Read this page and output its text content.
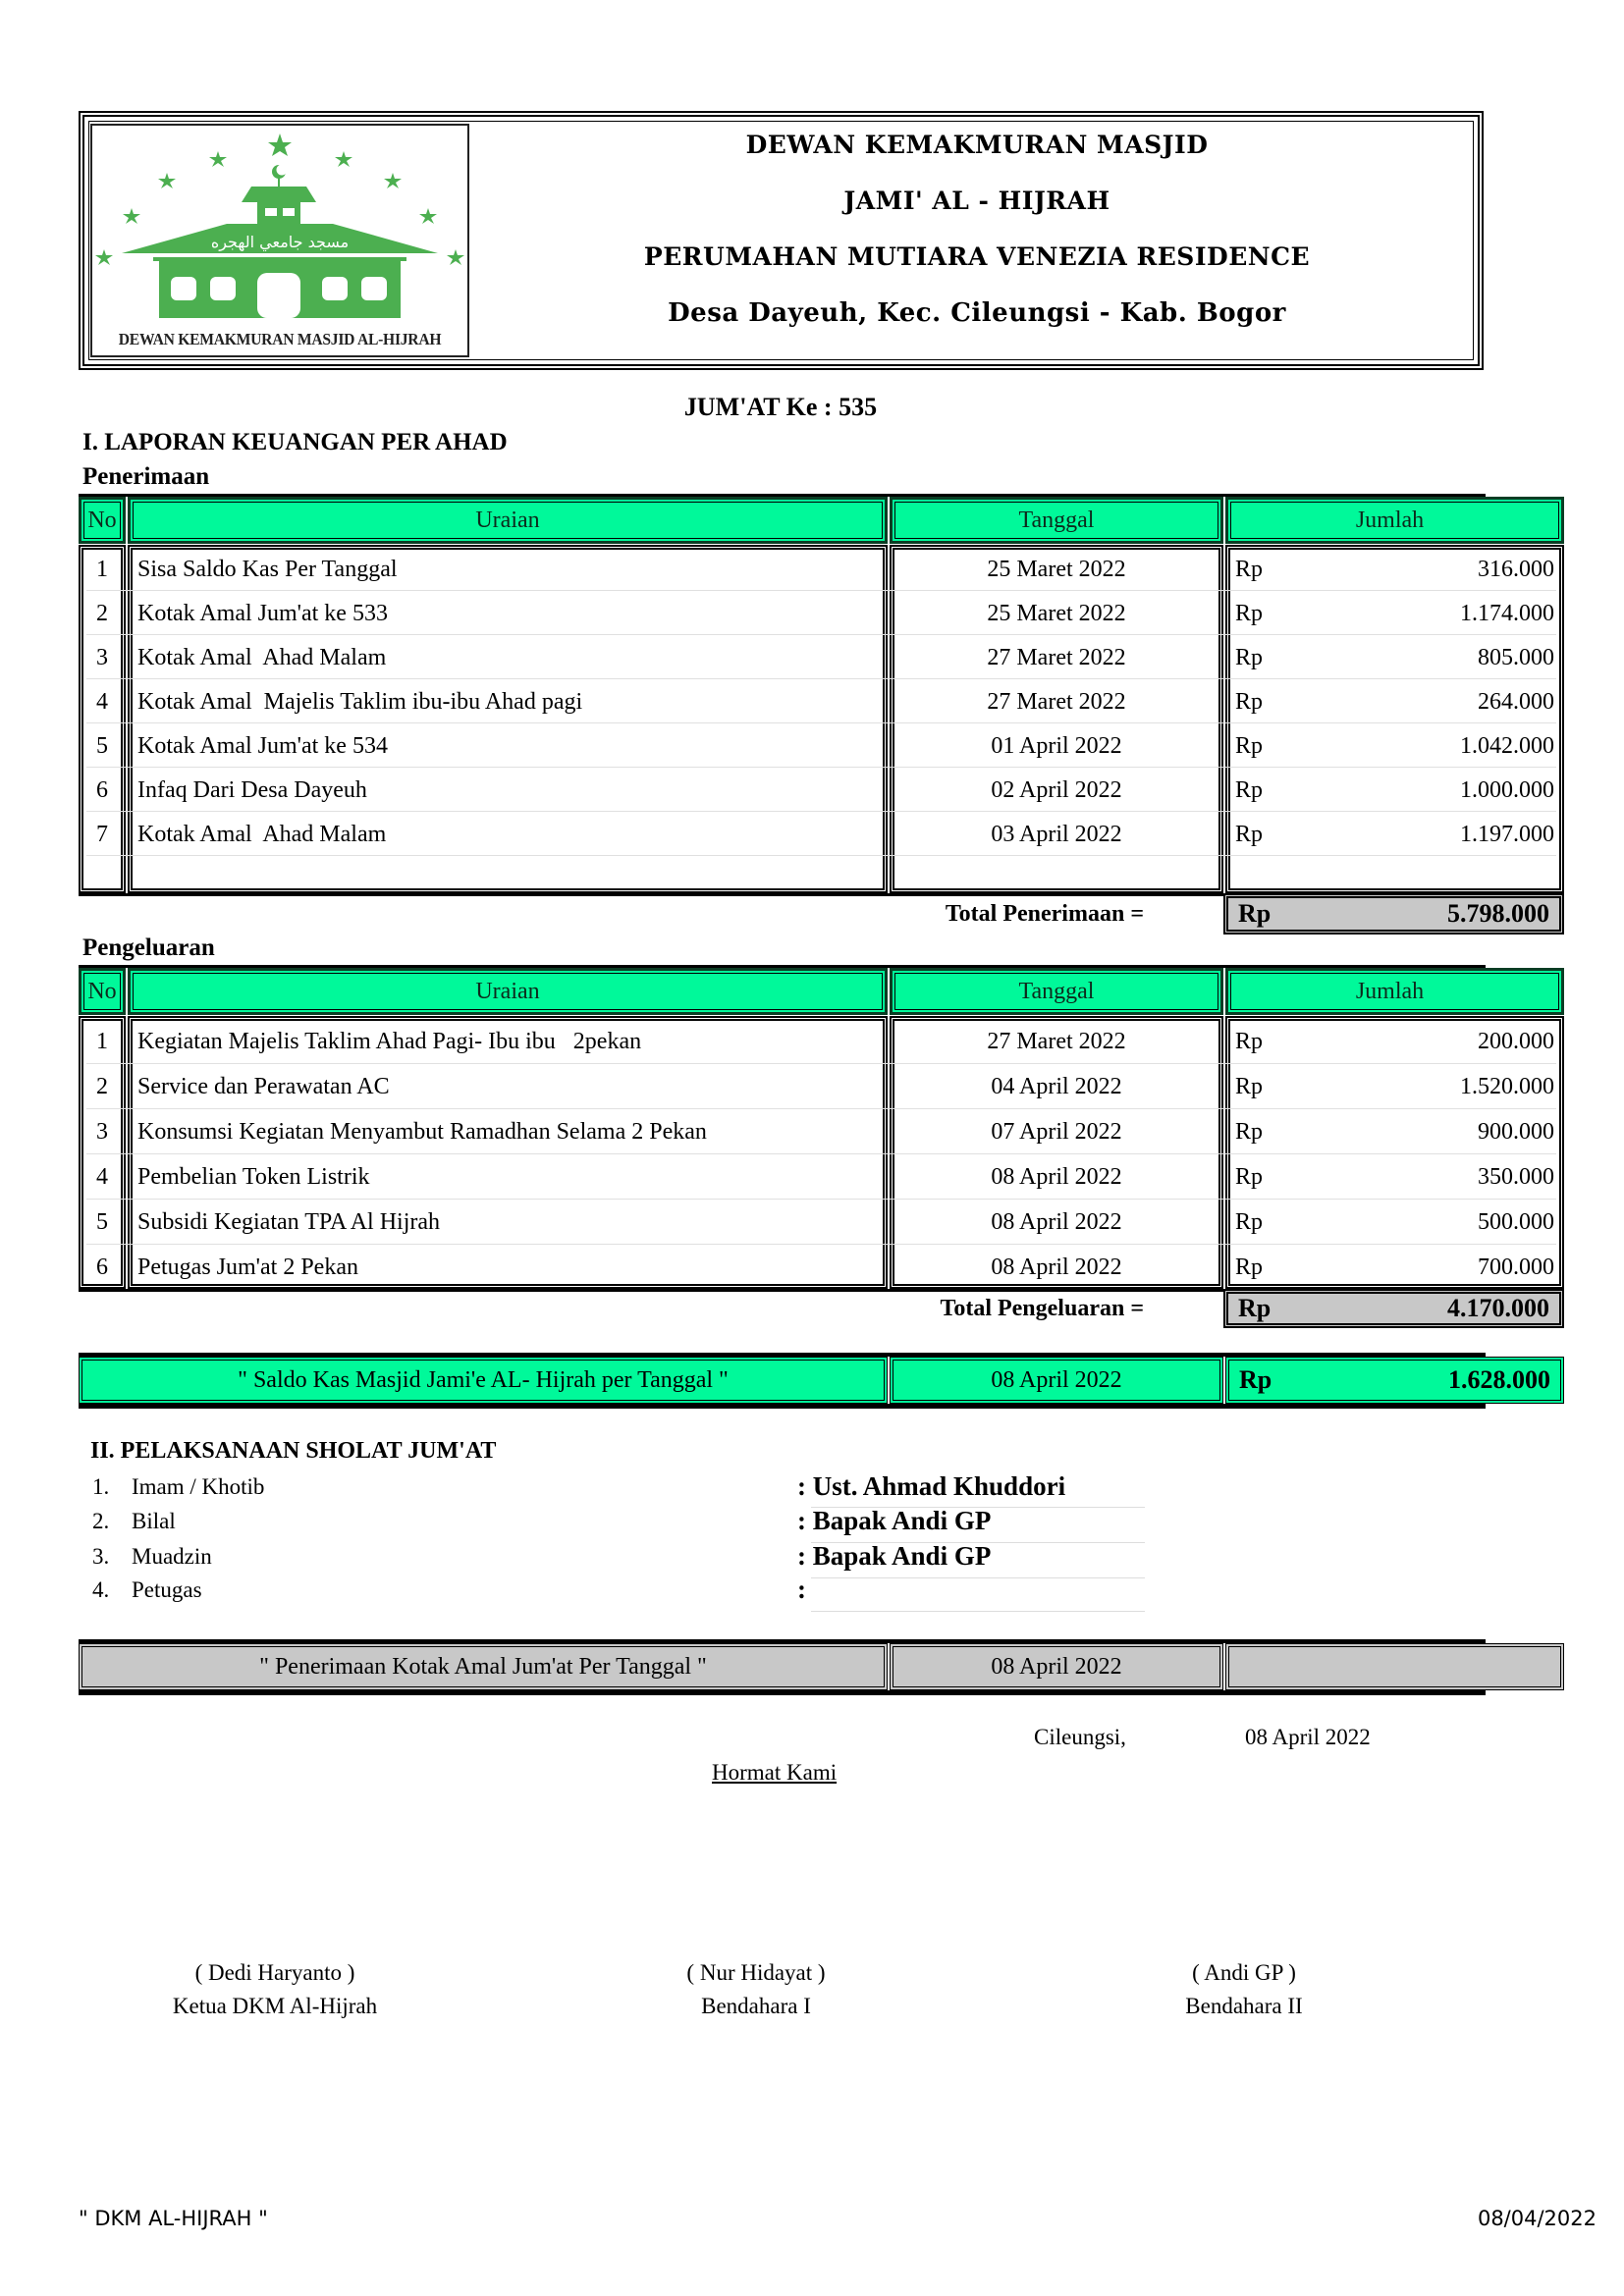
مسجد جامعي الهجره
DEWAN KEMAKMURAN MASJID AL-HIJRAH
DEWAN KEMAKMURAN MASJID
JAMI' AL - HIJRAH
PERUMAHAN MUTIARA VENEZIA RESIDENCE
Desa Dayeuh, Kec. Cileungsi - Kab. Bogor
JUM'AT Ke : 535
I. LAPORAN KEUANGAN PER AHAD
Penerimaan
No	Uraian	Tanggal	Jumlah
1	Sisa Saldo Kas Per Tanggal	25 Maret 2022	Rp	316.000
2	Kotak Amal Jum'at ke 533	25 Maret 2022	Rp	1.174.000
3	Kotak Amal  Ahad Malam	27 Maret 2022	Rp	805.000
4	Kotak Amal  Majelis Taklim ibu-ibu Ahad pagi	27 Maret 2022	Rp	264.000
5	Kotak Amal Jum'at ke 534	01 April 2022	Rp	1.042.000
6	Infaq Dari Desa Dayeuh	02 April 2022	Rp	1.000.000
7	Kotak Amal  Ahad Malam	03 April 2022	Rp	1.197.000
Total Penerimaan =	Rp	5.798.000
Pengeluaran
No	Uraian	Tanggal	Jumlah
1	Kegiatan Majelis Taklim Ahad Pagi- Ibu ibu   2pekan	27 Maret 2022	Rp	200.000
2	Service dan Perawatan AC	04 April 2022	Rp	1.520.000
3	Konsumsi Kegiatan Menyambut Ramadhan Selama 2 Pekan	07 April 2022	Rp	900.000
4	Pembelian Token Listrik	08 April 2022	Rp	350.000
5	Subsidi Kegiatan TPA Al Hijrah	08 April 2022	Rp	500.000
6	Petugas Jum'at 2 Pekan	08 April 2022	Rp	700.000
Total Pengeluaran =	Rp	4.170.000
" Saldo Kas Masjid Jami'e AL- Hijrah per Tanggal "	08 April 2022	Rp	1.628.000
II. PELAKSANAAN SHOLAT JUM'AT
1. Imam / Khotib	: Ust. Ahmad Khuddori
2. Bilal	: Bapak Andi GP
3. Muadzin	: Bapak Andi GP
4. Petugas	:
" Penerimaan Kotak Amal Jum'at Per Tanggal "	08 April 2022
Cileungsi,	08 April 2022
Hormat Kami
( Dedi Haryanto )
Ketua DKM Al-Hijrah
( Nur Hidayat )
Bendahara I
( Andi GP )
Bendahara II
" DKM AL-HIJRAH "	08/04/2022
